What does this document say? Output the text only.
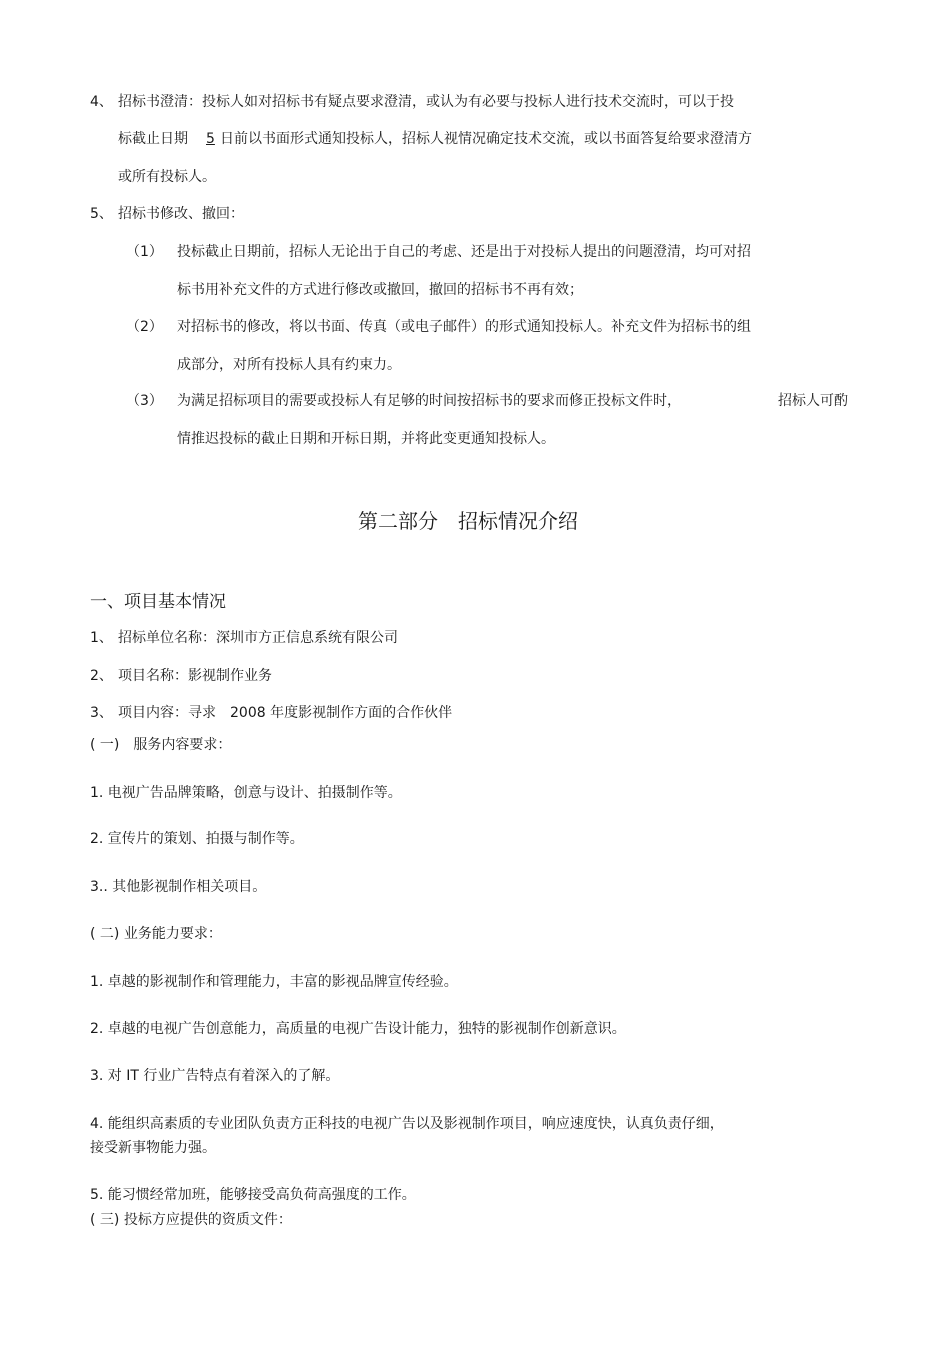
4、 招标书澄清：投标人如对招标书有疑点要求澄清，或认为有必要与投标人进行技术交流时，可以于投
标截止日期 5 日前以书面形式通知投标人，招标人视情况确定技术交流，或以书面答复给要求澄清方
或所有投标人。
5、 招标书修改、撤回：
（1） 投标截止日期前，招标人无论出于自己的考虑、还是出于对投标人提出的问题澄清，均可对招
标书用补充文件的方式进行修改或撤回，撤回的招标书不再有效；
（2） 对招标书的修改，将以书面、传真（或电子邮件）的形式通知投标人。补充文件为招标书的组
成部分，对所有投标人具有约束力。
（3） 为满足招标项目的需要或投标人有足够的时间按招标书的要求而修正投标文件时，	招标人可酌
情推迟投标的截止日期和开标日期，并将此变更通知投标人。
第二部分　招标情况介绍
一、项目基本情况
1、 招标单位名称：深圳市方正信息系统有限公司
2、 项目名称：影视制作业务
3、 项目内容：寻求　2008 年度影视制作方面的合作伙伴
( 一)　服务内容要求：
1. 电视广告品牌策略，创意与设计、拍摄制作等。
2. 宣传片的策划、拍摄与制作等。
3.. 其他影视制作相关项目。
( 二) 业务能力要求：
1. 卓越的影视制作和管理能力，丰富的影视品牌宣传经验。
2. 卓越的电视广告创意能力，高质量的电视广告设计能力，独特的影视制作创新意识。
3. 对 IT 行业广告特点有着深入的了解。
4. 能组织高素质的专业团队负责方正科技的电视广告以及影视制作项目，响应速度快，认真负责仔细，
接受新事物能力强。
5. 能习惯经常加班，能够接受高负荷高强度的工作。
( 三) 投标方应提供的资质文件：
